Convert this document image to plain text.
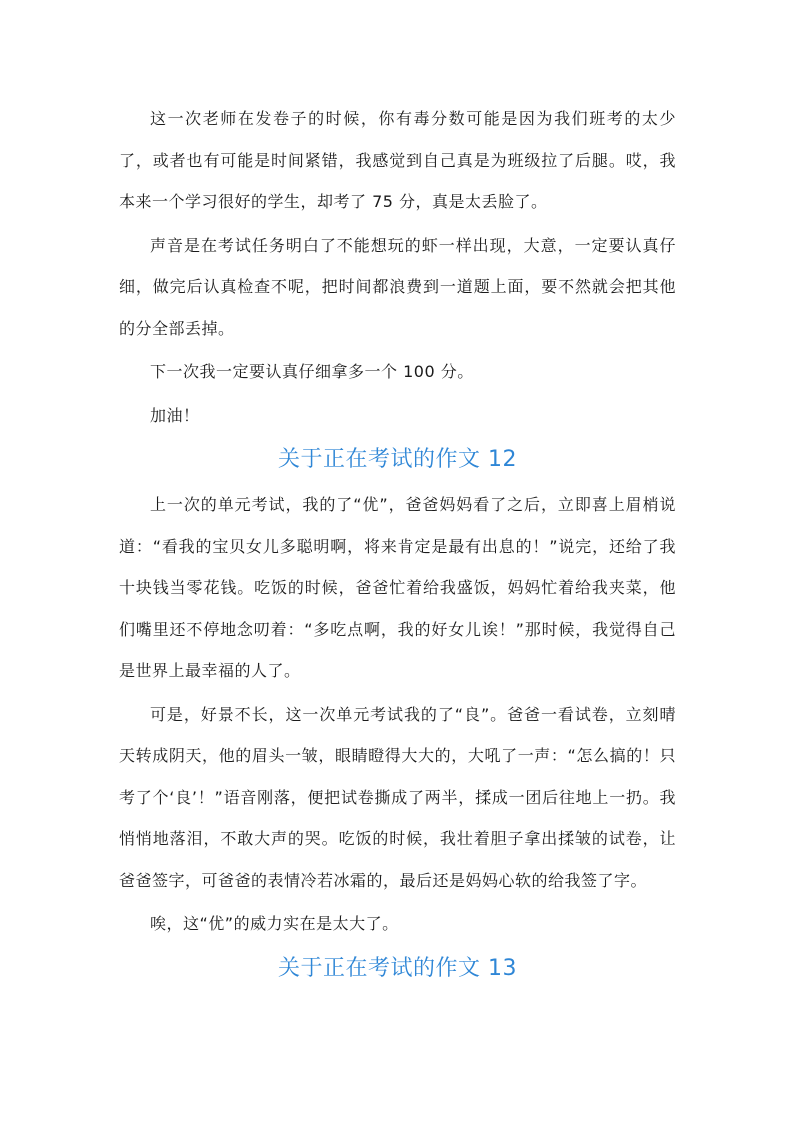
这一次老师在发卷子的时候，你有毒分数可能是因为我们班考的太少了，或者也有可能是时间紧错，我感觉到自己真是为班级拉了后腿。哎，我本来一个学习很好的学生，却考了 75 分，真是太丢脸了。

声音是在考试任务明白了不能想玩的虾一样出现，大意，一定要认真仔细，做完后认真检查不呢，把时间都浪费到一道题上面，要不然就会把其他的分全部丢掉。

下一次我一定要认真仔细拿多一个 100 分。

加油！

关于正在考试的作文 12

上一次的单元考试，我的了“优”，爸爸妈妈看了之后，立即喜上眉梢说道：“看我的宝贝女儿多聪明啊，将来肯定是最有出息的！”说完，还给了我十块钱当零花钱。吃饭的时候，爸爸忙着给我盛饭，妈妈忙着给我夹菜，他们嘴里还不停地念叨着：“多吃点啊，我的好女儿诶！”那时候，我觉得自己是世界上最幸福的人了。

可是，好景不长，这一次单元考试我的了“良”。爸爸一看试卷，立刻晴天转成阴天，他的眉头一皱，眼睛瞪得大大的，大吼了一声：“怎么搞的！只考了个‘良’！”语音刚落，便把试卷撕成了两半，揉成一团后往地上一扔。我悄悄地落泪，不敢大声的哭。吃饭的时候，我壮着胆子拿出揉皱的试卷，让爸爸签字，可爸爸的表情冷若冰霜的，最后还是妈妈心软的给我签了字。

唉，这“优”的威力实在是太大了。

关于正在考试的作文 13
